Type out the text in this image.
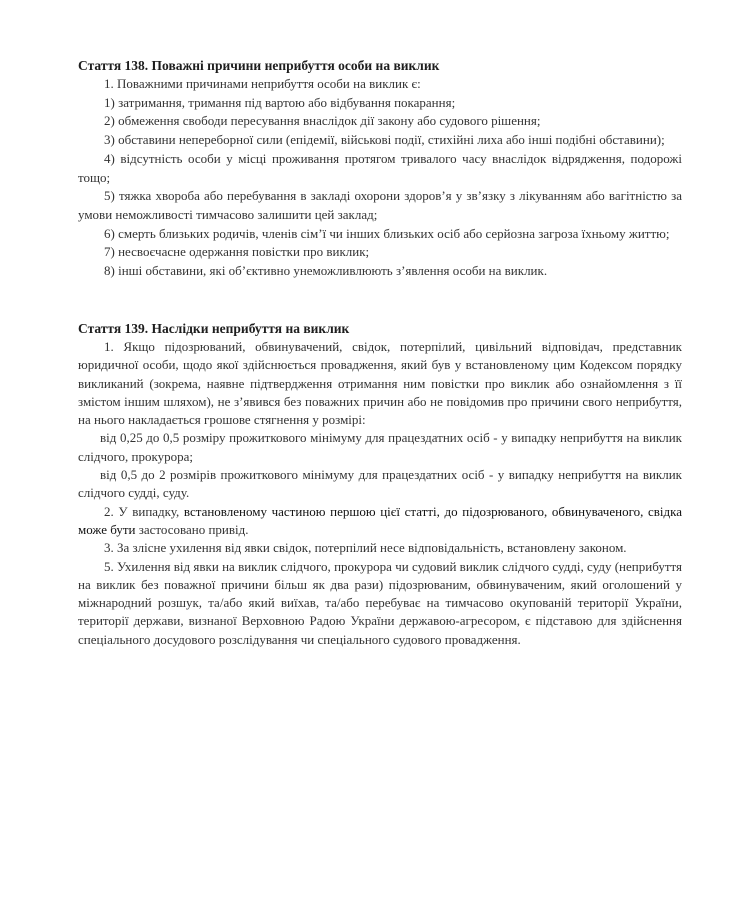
Стаття 138. Поважні причини неприбуття особи на виклик

1. Поважними причинами неприбуття особи на виклик є:

1) затримання, тримання під вартою або відбування покарання;

2) обмеження свободи пересування внаслідок дії закону або судового рішення;

3) обставини непереборної сили (епідемії, військові події, стихійні лиха або інші подібні обставини);

4) відсутність особи у місці проживання протягом тривалого часу внаслідок відрядження, подорожі тощо;

5) тяжка хвороба або перебування в закладі охорони здоров’я у зв’язку з лікуванням або вагітністю за умови неможливості тимчасово залишити цей заклад;

6) смерть близьких родичів, членів сім’ї чи інших близьких осіб або серйозна загроза їхньому життю;

7) несвоєчасне одержання повістки про виклик;

8) інші обставини, які об’єктивно унеможливлюють з’явлення особи на виклик.

Стаття 139. Наслідки неприбуття на виклик

1. Якщо підозрюваний, обвинувачений, свідок, потерпілий, цивільний відповідач, представник юридичної особи, щодо якої здійснюється провадження, який був у встановленому цим Кодексом порядку викликаний (зокрема, наявне підтвердження отримання ним повістки про виклик або ознайомлення з її змістом іншим шляхом), не з’явився без поважних причин або не повідомив про причини свого неприбуття, на нього накладається грошове стягнення у розмірі:

від 0,25 до 0,5 розміру прожиткового мінімуму для працездатних осіб - у випадку неприбуття на виклик слідчого, прокурора;

від 0,5 до 2 розмірів прожиткового мінімуму для працездатних осіб - у випадку неприбуття на виклик слідчого судді, суду.

2. У випадку, встановленому частиною першою цієї статті, до підозрюваного, обвинуваченого, свідка може бути застосовано привід.

3. За злісне ухилення від явки свідок, потерпілий несе відповідальність, встановлену законом.

5. Ухилення від явки на виклик слідчого, прокурора чи судовий виклик слідчого судді, суду (неприбуття на виклик без поважної причини більш як два рази) підозрюваним, обвинуваченим, який оголошений у міжнародний розшук, та/або який виїхав, та/або перебуває на тимчасово окупованій території України, території держави, визнаної Верховною Радою України державою-агресором, є підставою для здійснення спеціального досудового розслідування чи спеціального судового провадження.
